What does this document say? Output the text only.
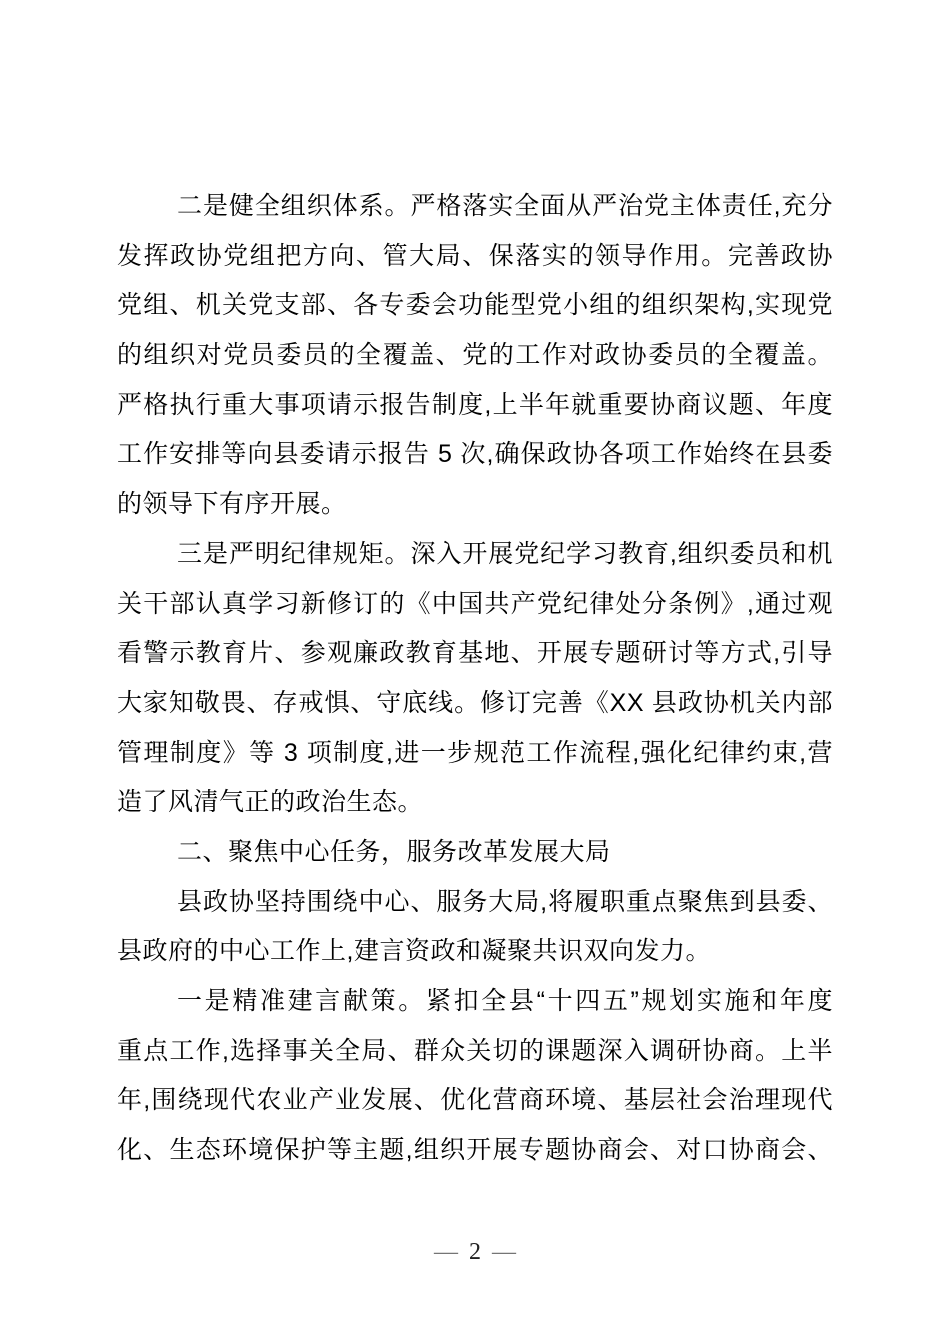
二是健全组织体系。严格落实全面从严治党主体责任,充分
发挥政协党组把方向、管大局、保落实的领导作用。完善政协
党组、机关党支部、各专委会功能型党小组的组织架构,实现党
的组织对党员委员的全覆盖、党的工作对政协委员的全覆盖。
严格执行重大事项请示报告制度,上半年就重要协商议题、年度
工作安排等向县委请示报告 5 次,确保政协各项工作始终在县委
的领导下有序开展。
三是严明纪律规矩。深入开展党纪学习教育,组织委员和机
关干部认真学习新修订的《中国共产党纪律处分条例》,通过观
看警示教育片、参观廉政教育基地、开展专题研讨等方式,引导
大家知敬畏、存戒惧、守底线。修订完善《XX 县政协机关内部
管理制度》等 3 项制度,进一步规范工作流程,强化纪律约束,营
造了风清气正的政治生态。
二、聚焦中心任务，服务改革发展大局
县政协坚持围绕中心、服务大局,将履职重点聚焦到县委、
县政府的中心工作上,建言资政和凝聚共识双向发力。
一是精准建言献策。紧扣全县“十四五”规划实施和年度
重点工作,选择事关全局、群众关切的课题深入调研协商。上半
年,围绕现代农业产业发展、优化营商环境、基层社会治理现代
化、生态环境保护等主题,组织开展专题协商会、对口协商会、
— 2 —
